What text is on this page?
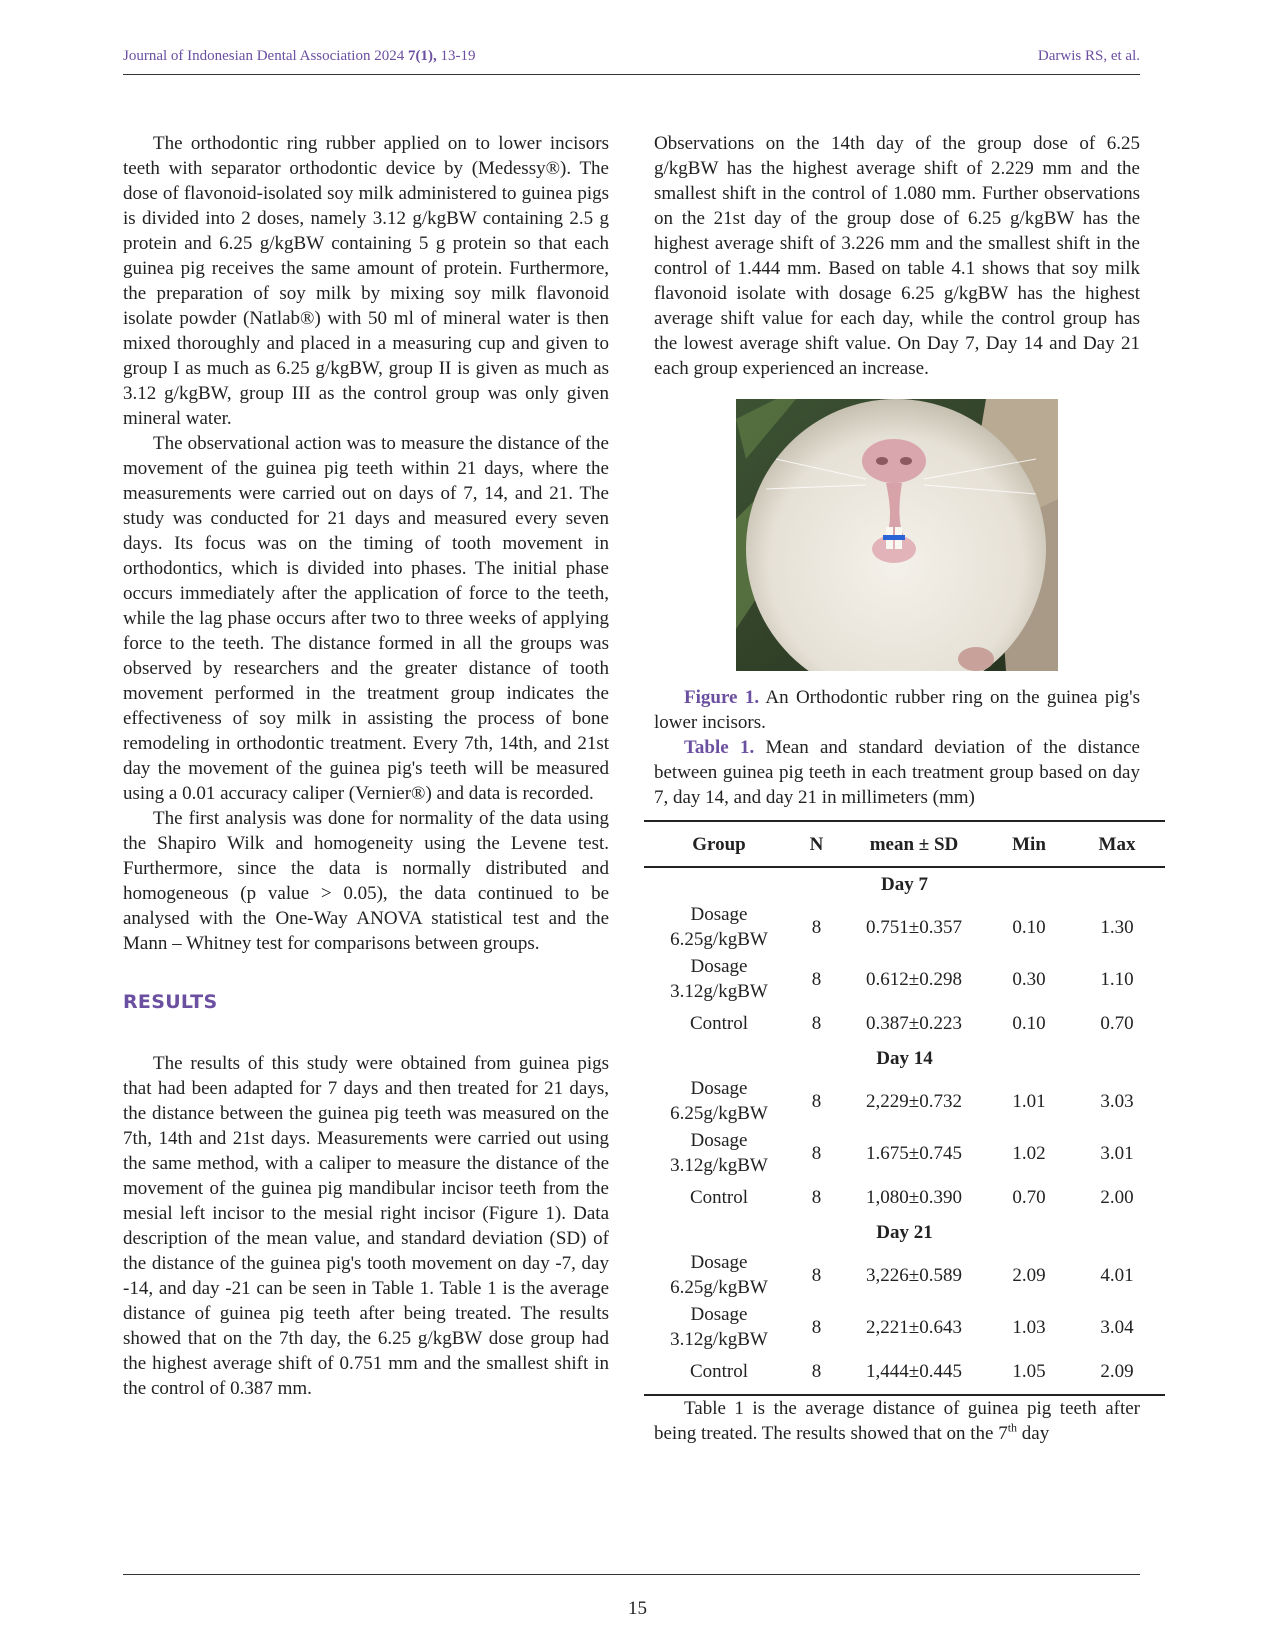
Journal of Indonesian Dental Association 2024 7(1), 13-19	Darwis RS, et al.

The orthodontic ring rubber applied on to lower incisors teeth with separator orthodontic device by (Medessy®). The dose of flavonoid-isolated soy milk administered to guinea pigs is divided into 2 doses, namely 3.12 g/kgBW containing 2.5 g protein and 6.25 g/kgBW containing 5 g protein so that each guinea pig receives the same amount of protein. Furthermore, the preparation of soy milk by mixing soy milk flavonoid isolate powder (Natlab®) with 50 ml of mineral water is then mixed thoroughly and placed in a measuring cup and given to group I as much as 6.25 g/kgBW, group II is given as much as 3.12 g/kgBW, group III as the control group was only given mineral water.

The observational action was to measure the distance of the movement of the guinea pig teeth within 21 days, where the measurements were carried out on days of 7, 14, and 21. The study was conducted for 21 days and measured every seven days. Its focus was on the timing of tooth movement in orthodontics, which is divided into phases. The initial phase occurs immediately after the application of force to the teeth, while the lag phase occurs after two to three weeks of applying force to the teeth. The distance formed in all the groups was observed by researchers and the greater distance of tooth movement performed in the treatment group indicates the effectiveness of soy milk in assisting the process of bone remodeling in orthodontic treatment. Every 7th, 14th, and 21st day the movement of the guinea pig's teeth will be measured using a 0.01 accuracy caliper (Vernier®) and data is recorded.

The first analysis was done for normality of the data using the Shapiro Wilk and homogeneity using the Levene test. Furthermore, since the data is normally distributed and homogeneous (p value > 0.05), the data continued to be analysed with the One-Way ANOVA statistical test and the Mann – Whitney test for comparisons between groups.

RESULTS

The results of this study were obtained from guinea pigs that had been adapted for 7 days and then treated for 21 days, the distance between the guinea pig teeth was measured on the 7th, 14th and 21st days. Measurements were carried out using the same method, with a caliper to measure the distance of the movement of the guinea pig mandibular incisor teeth from the mesial left incisor to the mesial right incisor (Figure 1). Data description of the mean value, and standard deviation (SD) of the distance of the guinea pig's tooth movement on day -7, day -14, and day -21 can be seen in Table 1. Table 1 is the average distance of guinea pig teeth after being treated. The results showed that on the 7th day, the 6.25 g/kgBW dose group had the highest average shift of 0.751 mm and the smallest shift in the control of 0.387 mm.

Observations on the 14th day of the group dose of 6.25 g/kgBW has the highest average shift of 2.229 mm and the smallest shift in the control of 1.080 mm. Further observations on the 21st day of the group dose of 6.25 g/kgBW has the highest average shift of 3.226 mm and the smallest shift in the control of 1.444 mm. Based on table 4.1 shows that soy milk flavonoid isolate with dosage 6.25 g/kgBW has the highest average shift value for each day, while the control group has the lowest average shift value. On Day 7, Day 14 and Day 21 each group experienced an increase.

Figure 1. An Orthodontic rubber ring on the guinea pig's lower incisors.

Table 1. Mean and standard deviation of the distance between guinea pig teeth in each treatment group based on day 7, day 14, and day 21 in millimeters (mm)

Group	N	mean ± SD	Min	Max
Day 7				
Dosage 6.25g/kgBW	8	0.751±0.357	0.10	1.30
Dosage 3.12g/kgBW	8	0.612±0.298	0.30	1.10
Control	8	0.387±0.223	0.10	0.70
Day 14				
Dosage 6.25g/kgBW	8	2,229±0.732	1.01	3.03
Dosage 3.12g/kgBW	8	1.675±0.745	1.02	3.01
Control	8	1,080±0.390	0.70	2.00
Day 21				
Dosage 6.25g/kgBW	8	3,226±0.589	2.09	4.01
Dosage 3.12g/kgBW	8	2,221±0.643	1.03	3.04
Control	8	1,444±0.445	1.05	2.09

Table 1 is the average distance of guinea pig teeth after being treated. The results showed that on the 7th day

15
